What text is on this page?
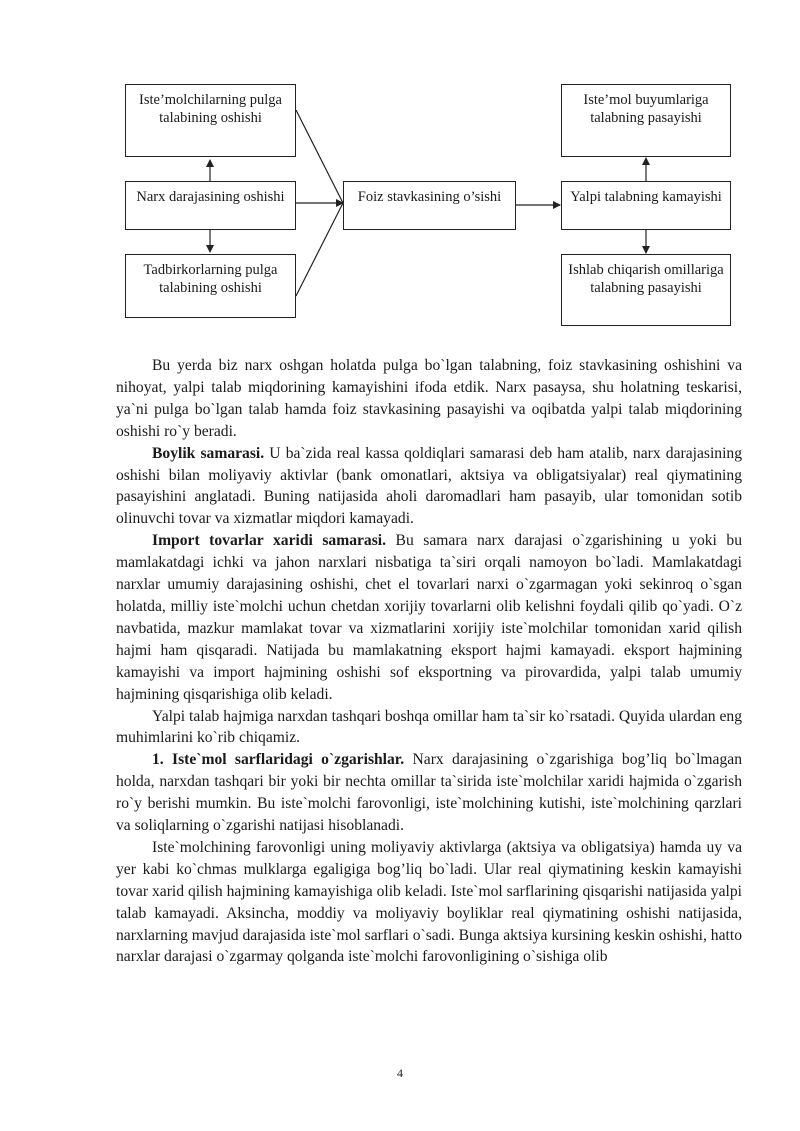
Iste’molchilarning pulga talabining oshishi
Narx darajasining oshishi
Tadbirkorlarning pulga talabining oshishi
Foiz stavkasining o’sishi
Iste’mol buyumlariga talabning pasayishi
Yalpi talabning kamayishi
Ishlab chiqarish omillariga talabning pasayishi

Bu yerda biz narx oshgan holatda pulga bo`lgan talabning, foiz stavkasining oshishini va nihoyat, yalpi talab miqdorining kamayishini ifoda etdik. Narx pasaysa, shu holatning teskarisi, ya`ni pulga bo`lgan talab hamda foiz stavkasining pasayishi va oqibatda yalpi talab miqdorining oshishi ro`y beradi.

Boylik samarasi. U ba`zida real kassa qoldiqlari samarasi deb ham atalib, narx darajasining oshishi bilan moliyaviy aktivlar (bank omonatlari, aktsiya va obligatsiyalar) real qiymatining pasayishini anglatadi. Buning natijasida aholi daromadlari ham pasayib, ular tomonidan sotib olinuvchi tovar va xizmatlar miqdori kamayadi.

Import tovarlar xaridi samarasi. Bu samara narx darajasi o`zgarishining u yoki bu mamlakatdagi ichki va jahon narxlari nisbatiga ta`siri orqali namoyon bo`ladi. Mamlakatdagi narxlar umumiy darajasining oshishi, chet el tovarlari narxi o`zgarmagan yoki sekinroq o`sgan holatda, milliy iste`molchi uchun chetdan xorijiy tovarlarni olib kelishni foydali qilib qo`yadi. O`z navbatida, mazkur mamlakat tovar va xizmatlarini xorijiy iste`molchilar tomonidan xarid qilish hajmi ham qisqaradi. Natijada bu mamlakatning eksport hajmi kamayadi. eksport hajmining kamayishi va import hajmining oshishi sof eksportning va pirovardida, yalpi talab umumiy hajmining qisqarishiga olib keladi.

Yalpi talab hajmiga narxdan tashqari boshqa omillar ham ta`sir ko`rsatadi. Quyida ulardan eng muhimlarini ko`rib chiqamiz.

1. Iste`mol sarflaridagi o`zgarishlar. Narx darajasining o`zgarishiga bog’liq bo`lmagan holda, narxdan tashqari bir yoki bir nechta omillar ta`sirida iste`molchilar xaridi hajmida o`zgarish ro`y berishi mumkin. Bu iste`molchi farovonligi, iste`molchining kutishi, iste`molchining qarzlari va soliqlarning o`zgarishi natijasi hisoblanadi.

Iste`molchining farovonligi uning moliyaviy aktivlarga (aktsiya va obligatsiya) hamda uy va yer kabi ko`chmas mulklarga egaligiga bog’liq bo`ladi. Ular real qiymatining keskin kamayishi tovar xarid qilish hajmining kamayishiga olib keladi. Iste`mol sarflarining qisqarishi natijasida yalpi talab kamayadi. Aksincha, moddiy va moliyaviy boyliklar real qiymatining oshishi natijasida, narxlarning mavjud darajasida iste`mol sarflari o`sadi. Bunga aktsiya kursining keskin oshishi, hatto narxlar darajasi o`zgarmay qolganda iste`molchi farovonligining o`sishiga olib

4
